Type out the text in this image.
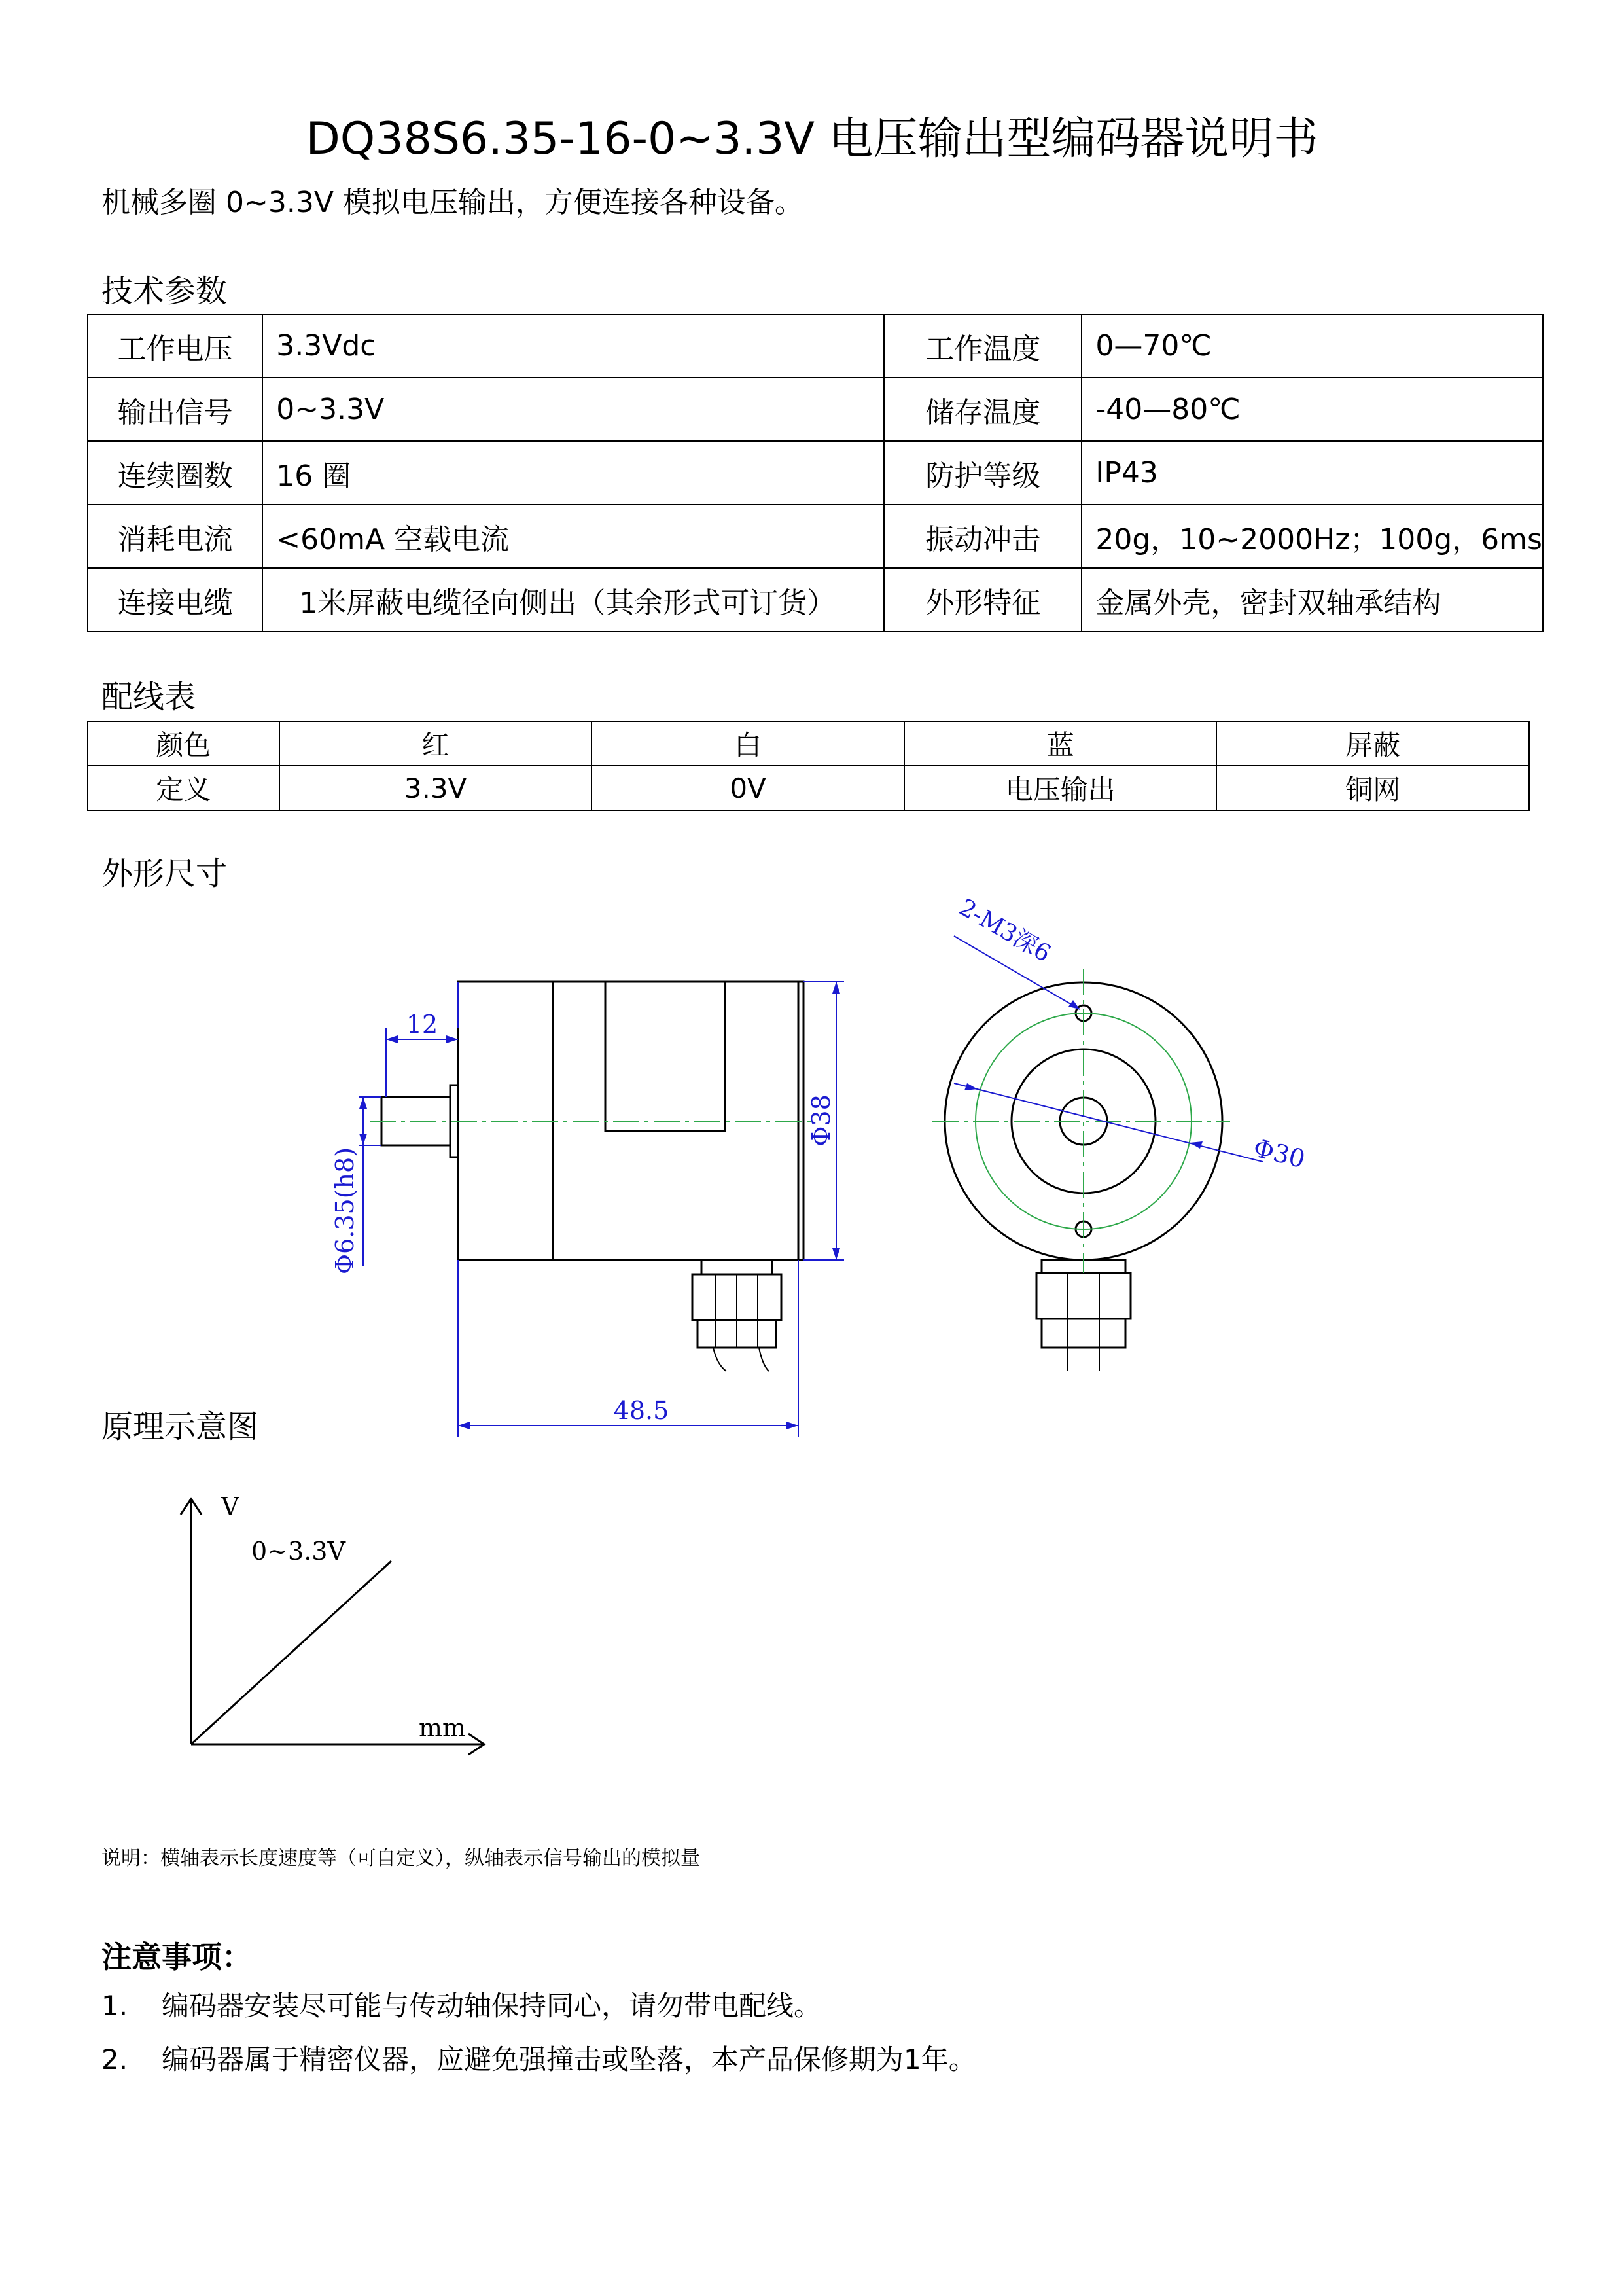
DQ38S6.35-16-0~3.3V 电压输出型编码器说明书
机械多圈 0~3.3V 模拟电压输出，方便连接各种设备。
技术参数
工作电压	3.3Vdc	工作温度	0—70℃
输出信号	0~3.3V	储存温度	-40—80℃
连续圈数	16 圈	防护等级	IP43
消耗电流	<60mA 空载电流	振动冲击	20g，10~2000Hz；100g，6ms
连接电缆	1米屏蔽电缆径向侧出（其余形式可订货）	外形特征	金属外壳，密封双轴承结构
配线表
颜色	红	白	蓝	屏蔽
定义	3.3V	0V	电压输出	铜网
外形尺寸
12
Φ6.35(h8)
Φ38
48.5
2-M3深6
Φ30
原理示意图
V
0~3.3V
mm
说明：横轴表示长度速度等（可自定义），纵轴表示信号输出的模拟量
注意事项：
1. 编码器安装尽可能与传动轴保持同心，请勿带电配线。
2. 编码器属于精密仪器，应避免强撞击或坠落，本产品保修期为1年。
